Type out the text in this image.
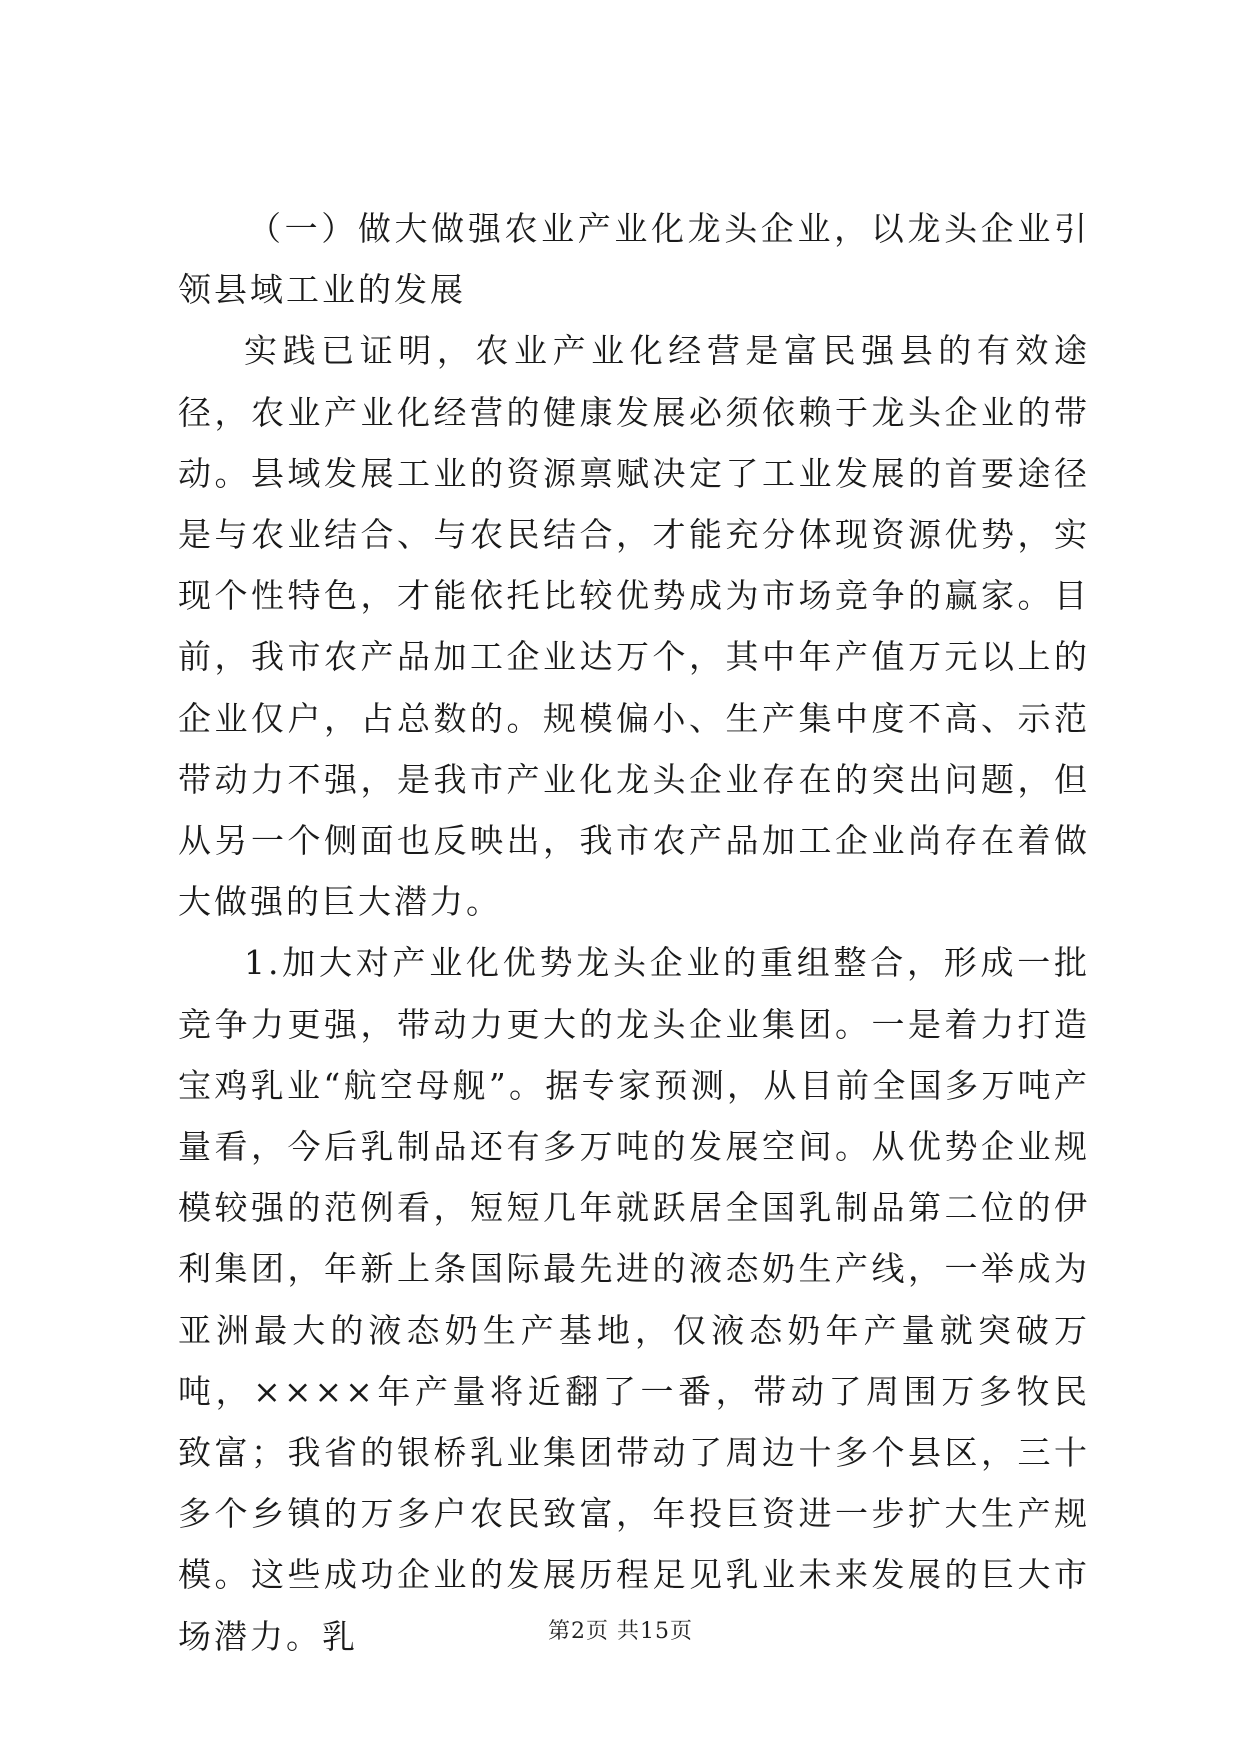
（一）做大做强农业产业化龙头企业，以龙头企业引领县域工业的发展

实践已证明，农业产业化经营是富民强县的有效途径，农业产业化经营的健康发展必须依赖于龙头企业的带动。县域发展工业的资源禀赋决定了工业发展的首要途径是与农业结合、与农民结合，才能充分体现资源优势，实现个性特色，才能依托比较优势成为市场竞争的赢家。目前，我市农产品加工企业达万个，其中年产值万元以上的企业仅户，占总数的。规模偏小、生产集中度不高、示范带动力不强，是我市产业化龙头企业存在的突出问题，但从另一个侧面也反映出，我市农产品加工企业尚存在着做大做强的巨大潜力。

1.加大对产业化优势龙头企业的重组整合，形成一批竞争力更强，带动力更大的龙头企业集团。一是着力打造宝鸡乳业“航空母舰”。据专家预测，从目前全国多万吨产量看，今后乳制品还有多万吨的发展空间。从优势企业规模较强的范例看，短短几年就跃居全国乳制品第二位的伊利集团，年新上条国际最先进的液态奶生产线，一举成为亚洲最大的液态奶生产基地，仅液态奶年产量就突破万吨，××××年产量将近翻了一番，带动了周围万多牧民致富；我省的银桥乳业集团带动了周边十多个县区，三十多个乡镇的万多户农民致富，年投巨资进一步扩大生产规模。这些成功企业的发展历程足见乳业未来发展的巨大市场潜力。乳	第2页 共15页
